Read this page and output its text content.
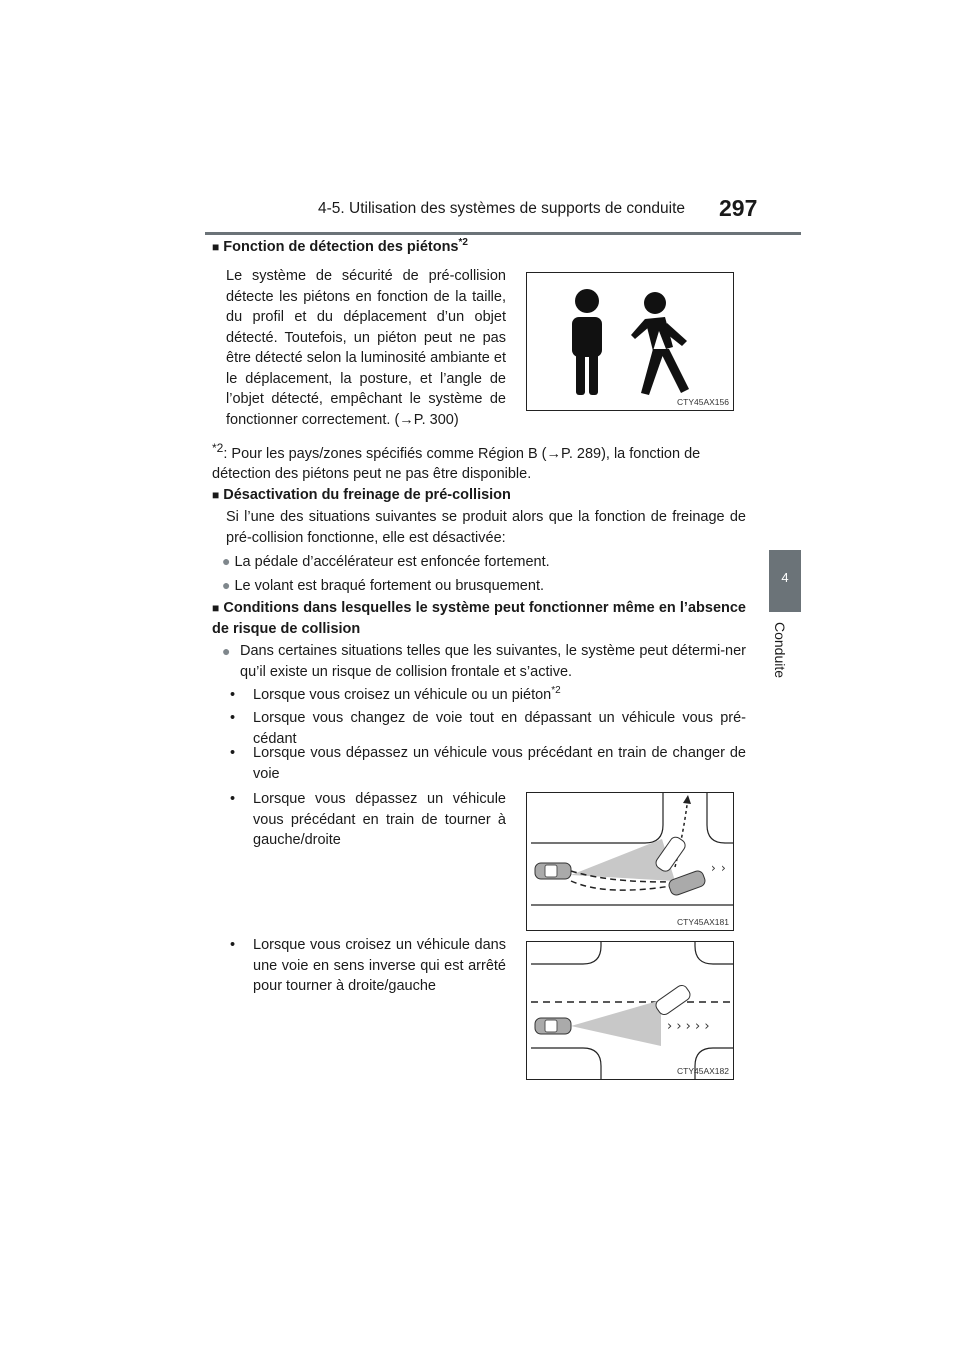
4-5. Utilisation des systèmes de supports de conduite 297
4
Conduite
■ Fonction de détection des piétons$^{*2}$
Le système de sécurité de pré-collision détecte les piétons en fonction de la taille, du profil et du déplacement d’un objet détecté. Toutefois, un piéton peut ne pas être détecté selon la luminosité ambiante et le déplacement, la posture, et l’angle de l’objet détecté, empêchant le système de fonctionner correctement. (→P. 300)
CTY45AX156
$^{*2}$: Pour les pays/zones spécifiés comme Région B (→P. 289), la fonction de détection des piétons peut ne pas être disponible.
■ Désactivation du freinage de pré-collision
Si l’une des situations suivantes se produit alors que la fonction de freinage de pré-collision fonctionne, elle est désactivée:
● La pédale d’accélérateur est enfoncée fortement.
● Le volant est braqué fortement ou brusquement.
■ Conditions dans lesquelles le système peut fonctionner même en l’absence de risque de collision
● Dans certaines situations telles que les suivantes, le système peut détermi-ner qu’il existe un risque de collision frontale et s’active.
• Lorsque vous croisez un véhicule ou un piéton$^{*2}$
• Lorsque vous changez de voie tout en dépassant un véhicule vous pré-cédant
• Lorsque vous dépassez un véhicule vous précédant en train de changer de voie
• Lorsque vous dépassez un véhicule vous précédant en train de tourner à gauche/droite
› ›
CTY45AX181
• Lorsque vous croisez un véhicule dans une voie en sens inverse qui est arrêté pour tourner à droite/gauche
› › › › ›
CTY45AX182
